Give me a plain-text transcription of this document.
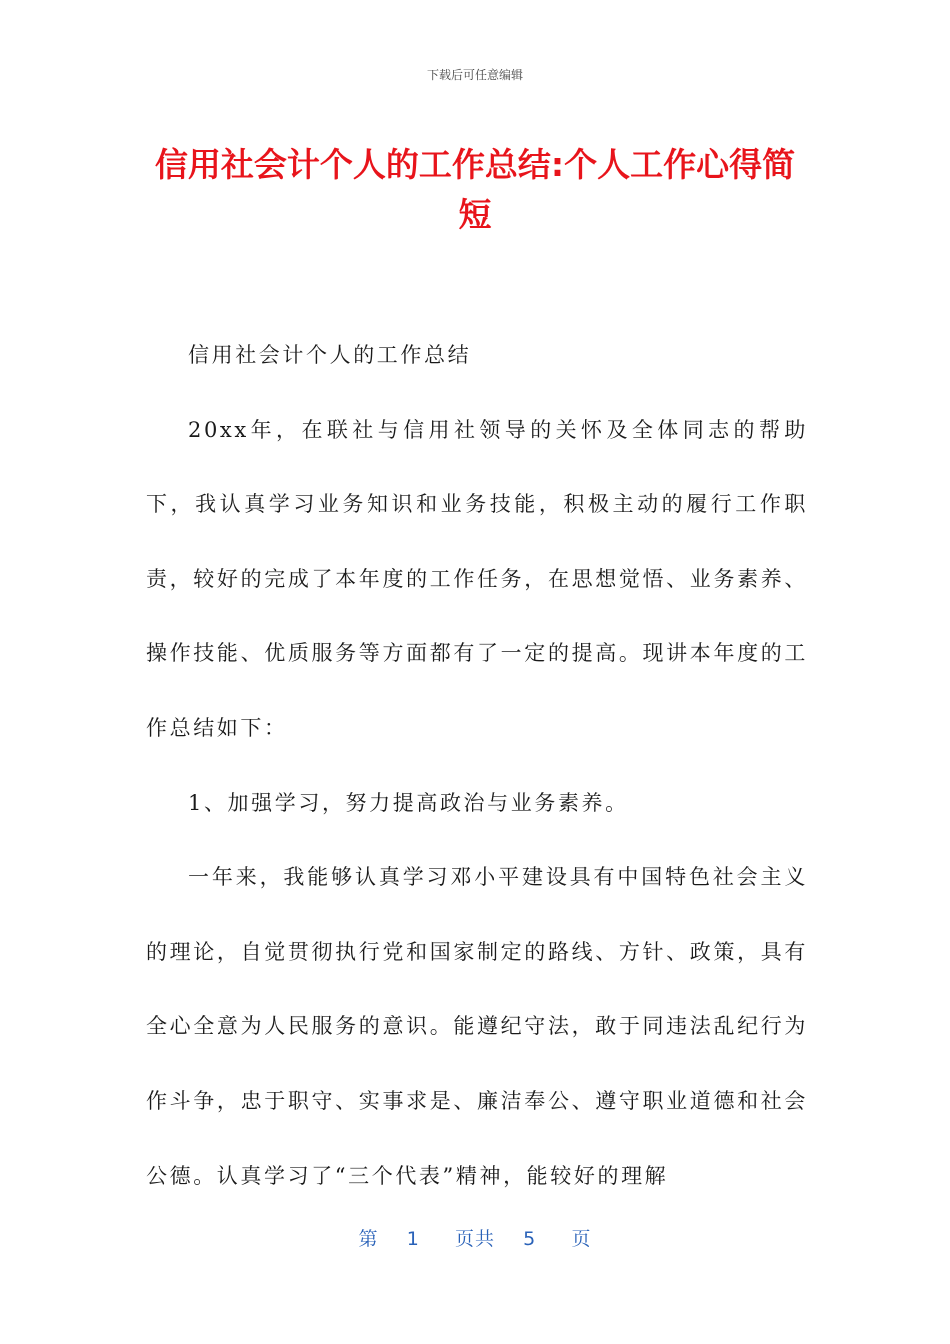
下载后可任意编辑
信用社会计个人的工作总结:个人工作心得简短

信用社会计个人的工作总结

20xx年，在联社与信用社领导的关怀及全体同志的帮助下，我认真学习业务知识和业务技能，积极主动的履行工作职责，较好的完成了本年度的工作任务，在思想觉悟、业务素养、操作技能、优质服务等方面都有了一定的提高。现讲本年度的工作总结如下：

1、加强学习，努力提高政治与业务素养。

一年来，我能够认真学习邓小平建设具有中国特色社会主义的理论，自觉贯彻执行党和国家制定的路线、方针、政策，具有全心全意为人民服务的意识。能遵纪守法，敢于同违法乱纪行为作斗争，忠于职守、实事求是、廉洁奉公、遵守职业道德和社会公德。认真学习了“三个代表”精神，能较好的理解

第 1 页共 5 页
